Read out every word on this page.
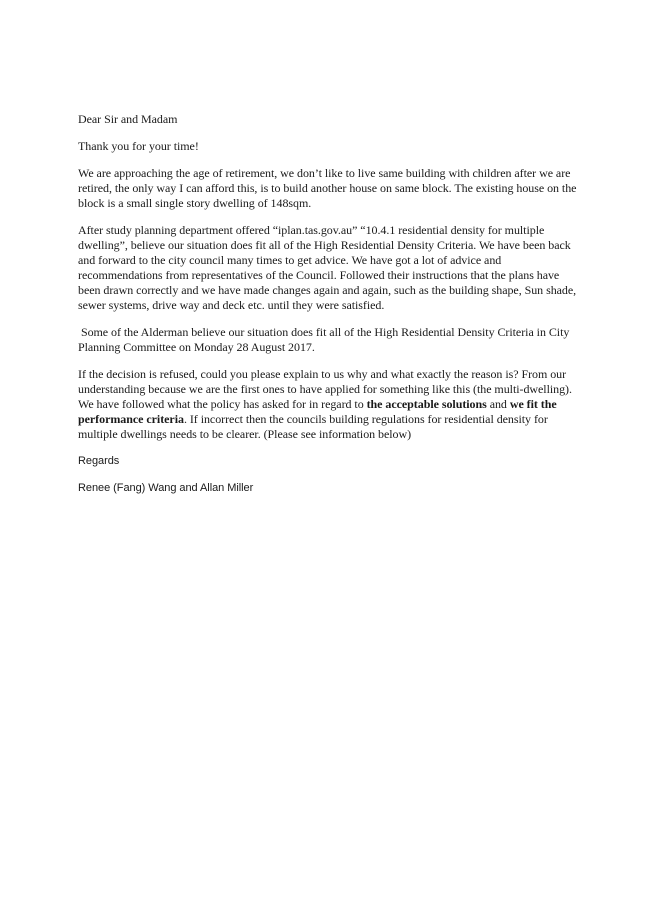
Dear Sir and Madam

Thank you for your time!

We are approaching the age of retirement, we don’t like to live same building with children after we are retired, the only way I can afford this, is to build another house on same block. The existing house on the block is a small single story dwelling of 148sqm.

After study planning department offered “iplan.tas.gov.au” “10.4.1 residential density for multiple dwelling”, believe our situation does fit all of the High Residential Density Criteria. We have been back and forward to the city council many times to get advice. We have got a lot of advice and recommendations from representatives of the Council. Followed their instructions that the plans have been drawn correctly and we have made changes again and again, such as the building shape, Sun shade, sewer systems, drive way and deck etc. until they were satisfied.

Some of the Alderman believe our situation does fit all of the High Residential Density Criteria in City Planning Committee on Monday 28 August 2017.

If the decision is refused, could you please explain to us why and what exactly the reason is? From our understanding because we are the first ones to have applied for something like this (the multi-dwelling). We have followed what the policy has asked for in regard to the acceptable solutions and we fit the performance criteria. If incorrect then the councils building regulations for residential density for multiple dwellings needs to be clearer. (Please see information below)

Regards

Renee (Fang) Wang and Allan Miller
